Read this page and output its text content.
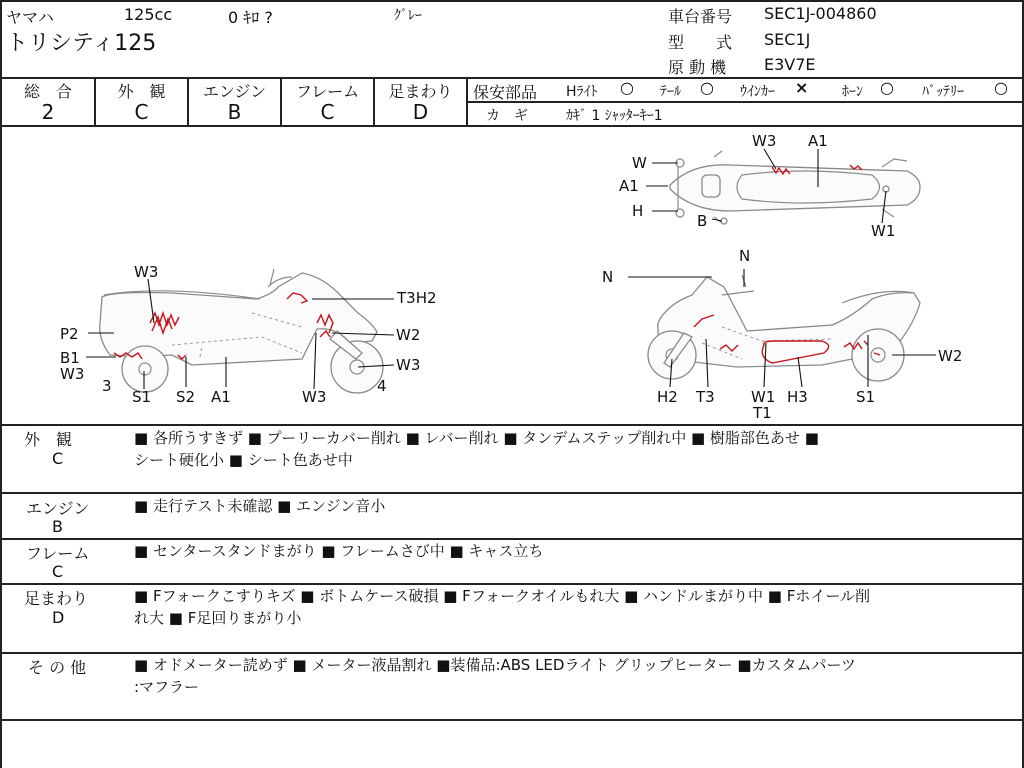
ヤマハ	125cc	0 ｷﾛ ?	ｸﾞﾚｰ
トリシティ125
車台番号 SEC1J-004860
型　　式 SEC1J
原 動 機 E3V7E
総　合
2
外　観
C
エンジン
B
フレーム
C
足まわり
D
保安部品 Hﾗｲﾄ ○ ﾃｰﾙ ○ ｳｲﾝｶｰ × ﾎｰﾝ ○ ﾊﾞｯﾃﾘｰ ○
カ　ギ	ｶｷﾞ 1 ｼｬｯﾀｰｷｰ1
W
A1
H
B
W3 A1
W1
W3
T3H2
P2	W2
B1
W3	W3
3	4
S1 S2 A1	W3
N
N
W2
H2 T3 W1
T1
H3	S1
外　観
C
■ 各所うすきず ■ プーリーカバー削れ ■ レバー削れ ■ タンデムステップ削れ中 ■ 樹脂部色あせ ■
シート硬化小 ■ シート色あせ中
エンジン
B
■ 走行テスト未確認 ■ エンジン音小
フレーム
C
■ センタースタンドまがり ■ フレームさび中 ■ キャス立ち
足まわり
D
■ Fフォークこすりキズ ■ ボトムケース破損 ■ Fフォークオイルもれ大 ■ ハンドルまがり中 ■ Fホイール削
れ大 ■ F足回りまがり小
そ の 他	■ オドメーター読めず ■ メーター液晶割れ ■装備品:ABS LEDライト グリップヒーター ■カスタムパーツ
:マフラー
